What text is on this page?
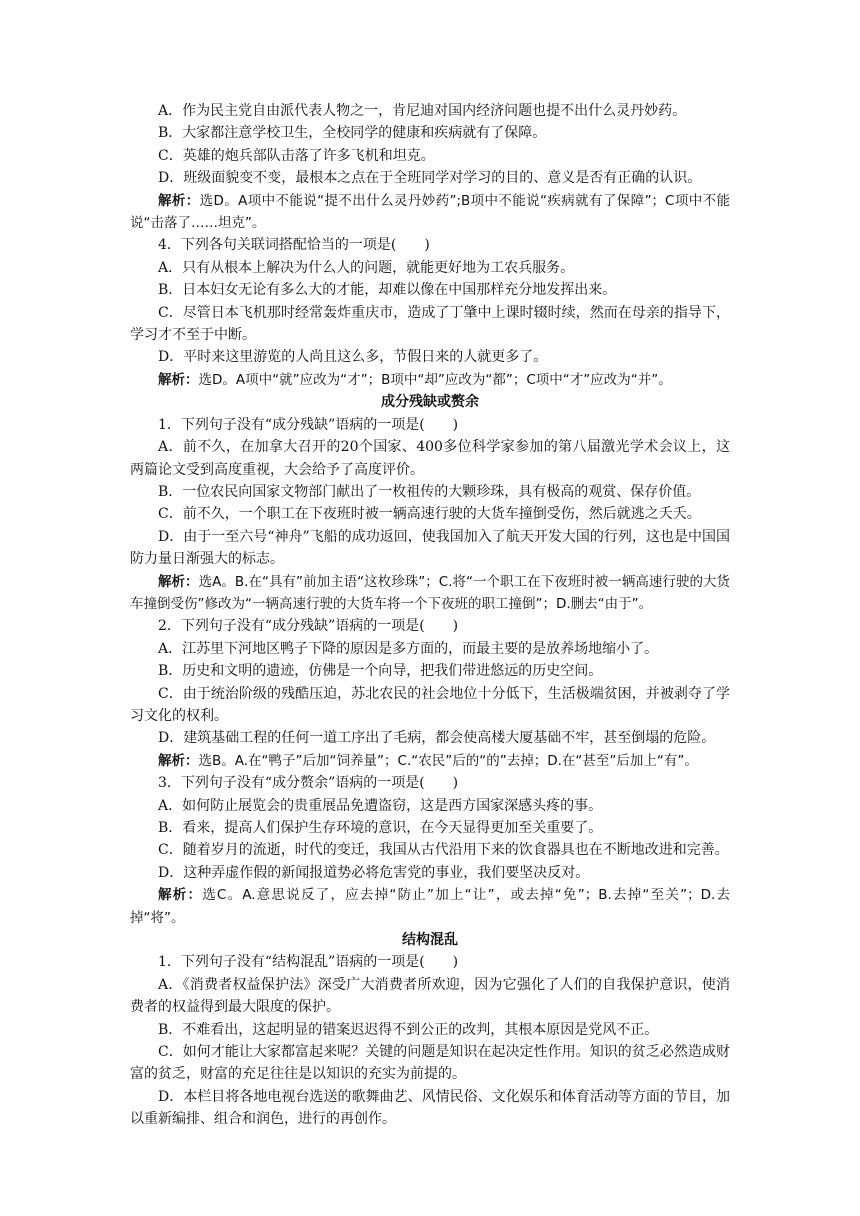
A．作为民主党自由派代表人物之一，肯尼迪对国内经济问题也提不出什么灵丹妙药。

B．大家都注意学校卫生，全校同学的健康和疾病就有了保障。

C．英雄的炮兵部队击落了许多飞机和坦克。

D．班级面貌变不变，最根本之点在于全班同学对学习的目的、意义是否有正确的认识。

解析：选D。A项中不能说“提不出什么灵丹妙药”;B项中不能说“疾病就有了保障”；C项中不能说“击落了……坦克”。

4．下列各句关联词搭配恰当的一项是(　　)

A．只有从根本上解决为什么人的问题，就能更好地为工农兵服务。

B．日本妇女无论有多么大的才能，却难以像在中国那样充分地发挥出来。

C．尽管日本飞机那时经常轰炸重庆市，造成了丁肇中上课时辍时续，然而在母亲的指导下，学习才不至于中断。

D．平时来这里游览的人尚且这么多，节假日来的人就更多了。

解析：选D。A项中“就”应改为“才”；B项中“却”应改为“都”；C项中“才”应改为“并”。

成分残缺或赘余

1．下列句子没有“成分残缺”语病的一项是(　　)

A．前不久，在加拿大召开的20个国家、400多位科学家参加的第八届激光学术会议上，这两篇论文受到高度重视，大会给予了高度评价。

B．一位农民向国家文物部门献出了一枚祖传的大颗珍珠，具有极高的观赏、保存价值。

C．前不久，一个职工在下夜班时被一辆高速行驶的大货车撞倒受伤，然后就逃之夭夭。

D．由于一至六号“神舟”飞船的成功返回，使我国加入了航天开发大国的行列，这也是中国国防力量日渐强大的标志。

解析：选A。B.在“具有”前加主语“这枚珍珠”；C.将“一个职工在下夜班时被一辆高速行驶的大货车撞倒受伤”修改为“一辆高速行驶的大货车将一个下夜班的职工撞倒”；D.删去“由于”。

2．下列句子没有“成分残缺”语病的一项是(　　)

A．江苏里下河地区鸭子下降的原因是多方面的，而最主要的是放养场地缩小了。

B．历史和文明的遗迹，仿佛是一个向导，把我们带进悠远的历史空间。

C．由于统治阶级的残酷压迫，苏北农民的社会地位十分低下，生活极端贫困，并被剥夺了学习文化的权利。

D．建筑基础工程的任何一道工序出了毛病，都会使高楼大厦基础不牢，甚至倒塌的危险。

解析：选B。A.在“鸭子”后加“饲养量”；C.“农民”后的“的”去掉；D.在“甚至”后加上“有”。

3．下列句子没有“成分赘余”语病的一项是(　　)

A．如何防止展览会的贵重展品免遭盗窃，这是西方国家深感头疼的事。

B．看来，提高人们保护生存环境的意识，在今天显得更加至关重要了。

C．随着岁月的流逝，时代的变迁，我国从古代沿用下来的饮食器具也在不断地改进和完善。

D．这种弄虚作假的新闻报道势必将危害党的事业，我们要坚决反对。

解析：选C。A.意思说反了，应去掉“防止”加上“让”，或去掉“免”；B.去掉“至关”；D.去掉“将”。

结构混乱

1．下列句子没有“结构混乱”语病的一项是(　　)

A．《消费者权益保护法》深受广大消费者所欢迎，因为它强化了人们的自我保护意识，使消费者的权益得到最大限度的保护。

B．不难看出，这起明显的错案迟迟得不到公正的改判，其根本原因是党风不正。

C．如何才能让大家都富起来呢？关键的问题是知识在起决定性作用。知识的贫乏必然造成财富的贫乏，财富的充足往往是以知识的充实为前提的。

D．本栏目将各地电视台选送的歌舞曲艺、风情民俗、文化娱乐和体育活动等方面的节目，加以重新编排、组合和润色，进行的再创作。
